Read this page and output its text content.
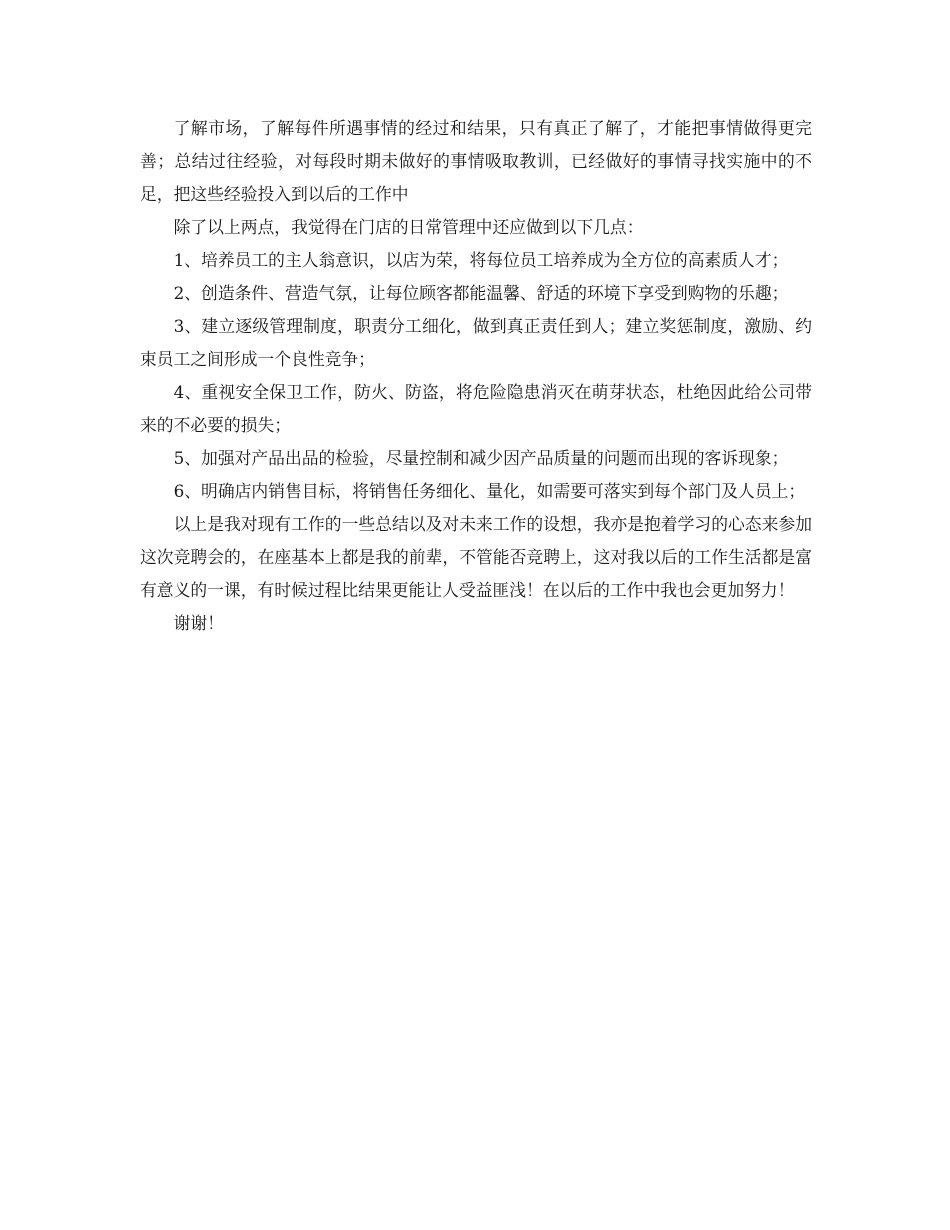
了解市场，了解每件所遇事情的经过和结果，只有真正了解了，才能把事情做得更完善；总结过往经验，对每段时期未做好的事情吸取教训，已经做好的事情寻找实施中的不足，把这些经验投入到以后的工作中

除了以上两点，我觉得在门店的日常管理中还应做到以下几点：

1、培养员工的主人翁意识，以店为荣，将每位员工培养成为全方位的高素质人才；

2、创造条件、营造气氛，让每位顾客都能温馨、舒适的环境下享受到购物的乐趣；

3、建立逐级管理制度，职责分工细化，做到真正责任到人；建立奖惩制度，激励、约束员工之间形成一个良性竞争；

4、重视安全保卫工作，防火、防盗，将危险隐患消灭在萌芽状态，杜绝因此给公司带来的不必要的损失；

5、加强对产品出品的检验，尽量控制和减少因产品质量的问题而出现的客诉现象；

6、明确店内销售目标，将销售任务细化、量化，如需要可落实到每个部门及人员上；

以上是我对现有工作的一些总结以及对未来工作的设想，我亦是抱着学习的心态来参加这次竞聘会的，在座基本上都是我的前辈，不管能否竞聘上，这对我以后的工作生活都是富有意义的一课，有时候过程比结果更能让人受益匪浅！在以后的工作中我也会更加努力！

谢谢！
